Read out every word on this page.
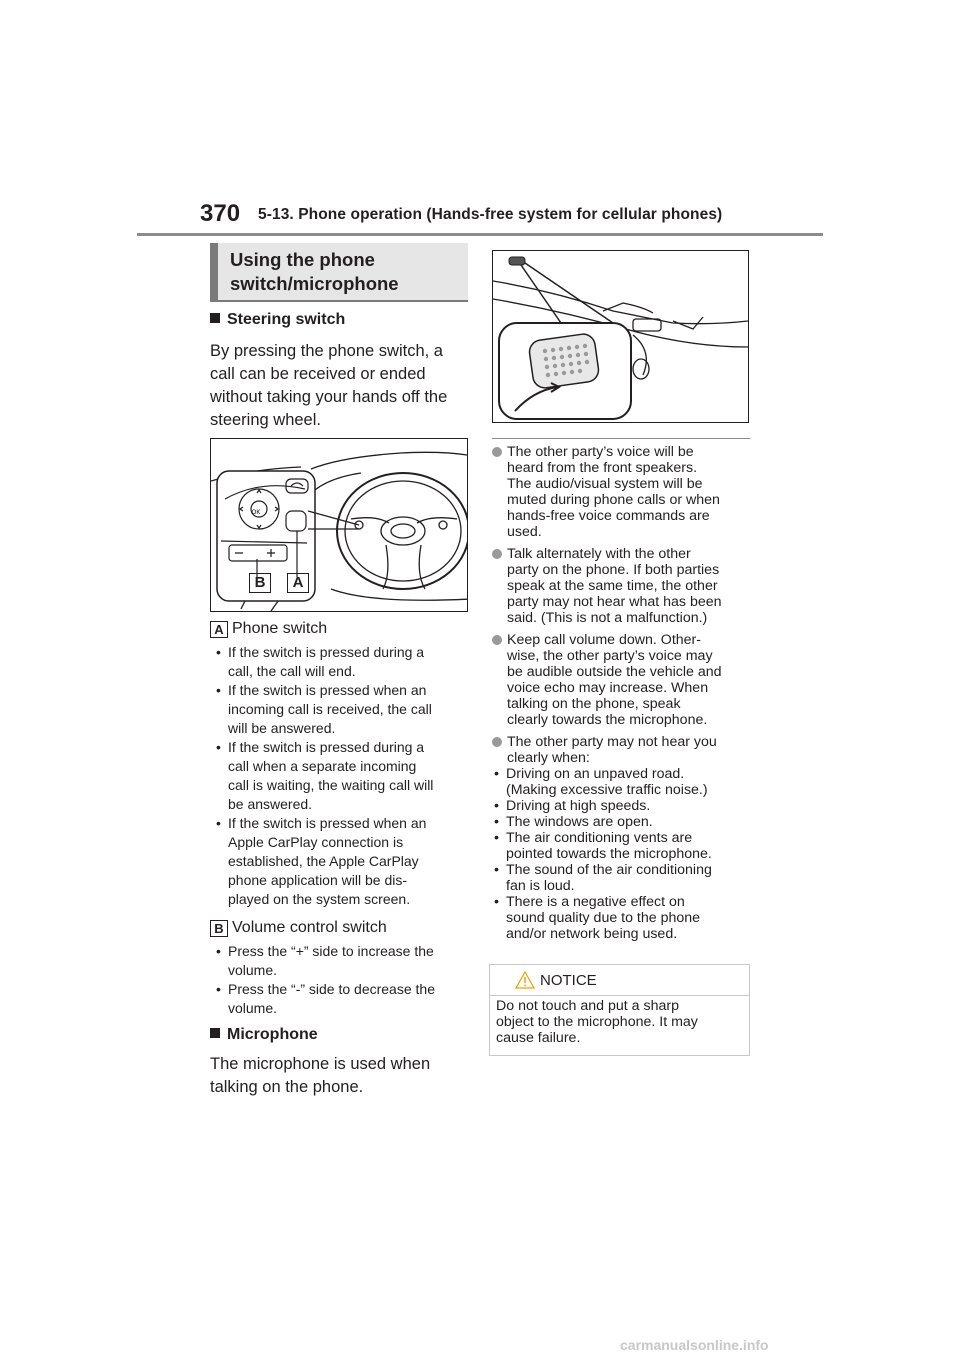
370 5-13. Phone operation (Hands-free system for cellular phones)
Using the phone
switch/microphone
Steering switch
By pressing the phone switch, a
call can be received or ended
without taking your hands off the
steering wheel.
OK
B	A
A Phone switch
• If the switch is pressed during a
call, the call will end.
• If the switch is pressed when an
incoming call is received, the call
will be answered.
• If the switch is pressed during a
call when a separate incoming
call is waiting, the waiting call will
be answered.
• If the switch is pressed when an
Apple CarPlay connection is
established, the Apple CarPlay
phone application will be dis-
played on the system screen.
B Volume control switch
• Press the “+” side to increase the
volume.
• Press the “-” side to decrease the
volume.
Microphone
The microphone is used when
talking on the phone.
The other party’s voice will be
heard from the front speakers.
The audio/visual system will be
muted during phone calls or when
hands-free voice commands are
used.
Talk alternately with the other
party on the phone. If both parties
speak at the same time, the other
party may not hear what has been
said. (This is not a malfunction.)
Keep call volume down. Other-
wise, the other party’s voice may
be audible outside the vehicle and
voice echo may increase. When
talking on the phone, speak
clearly towards the microphone.
The other party may not hear you
clearly when:
• Driving on an unpaved road.
(Making excessive traffic noise.)
• Driving at high speeds.
• The windows are open.
• The air conditioning vents are
pointed towards the microphone.
• The sound of the air conditioning
fan is loud.
• There is a negative effect on
sound quality due to the phone
and/or network being used.
NOTICE
Do not touch and put a sharp
object to the microphone. It may
cause failure.
carmanualsonline.info
